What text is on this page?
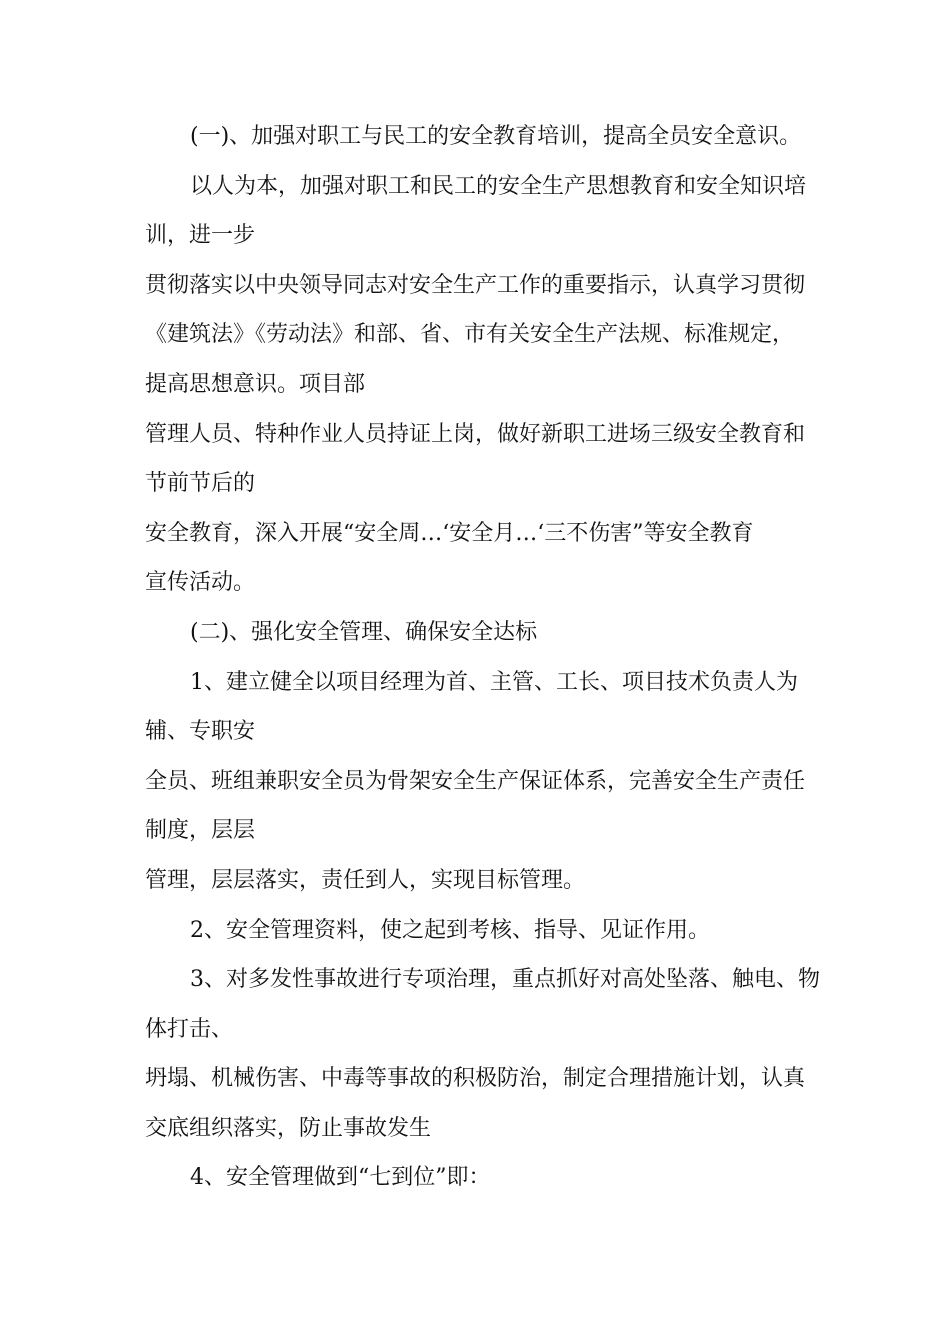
(一)、加强对职工与民工的安全教育培训，提高全员安全意识。
以人为本，加强对职工和民工的安全生产思想教育和安全知识培
训，进一步
贯彻落实以中央领导同志对安全生产工作的重要指示，认真学习贯彻
《建筑法》《劳动法》和部、省、市有关安全生产法规、标准规定，
提高思想意识。项目部
管理人员、特种作业人员持证上岗，做好新职工进场三级安全教育和
节前节后的
安全教育，深入开展“安全周…‘安全月…‘三不伤害”等安全教育
宣传活动。
(二)、强化安全管理、确保安全达标
1、建立健全以项目经理为首、主管、工长、项目技术负责人为
辅、专职安
全员、班组兼职安全员为骨架安全生产保证体系，完善安全生产责任
制度，层层
管理，层层落实，责任到人，实现目标管理。
2、安全管理资料，使之起到考核、指导、见证作用。
3、对多发性事故进行专项治理，重点抓好对高处坠落、触电、物
体打击、
坍塌、机械伤害、中毒等事故的积极防治，制定合理措施计划，认真
交底组织落实，防止事故发生
4、安全管理做到“七到位”即：
